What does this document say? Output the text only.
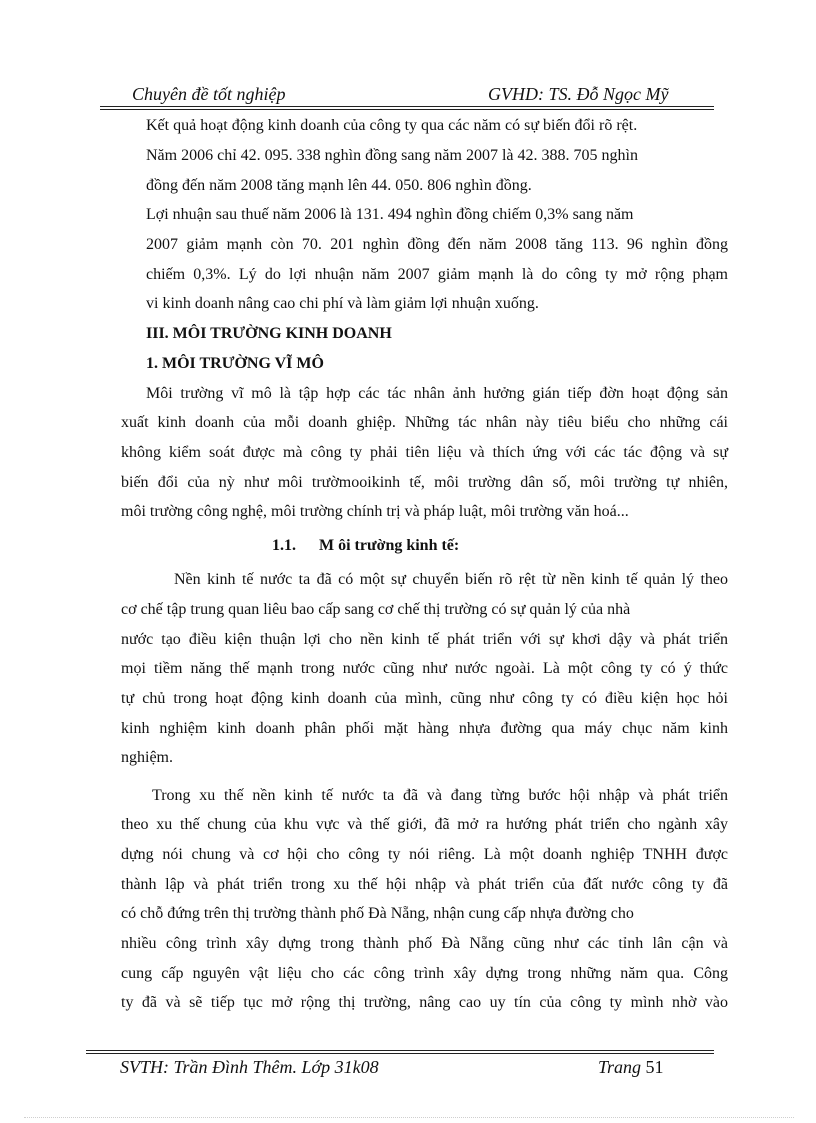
Chuyên đề tốt nghiệp	GVHD: TS. Đỗ Ngọc Mỹ
Kết quả hoạt động kinh doanh của công ty qua các năm có sự biến đổi rõ rệt.
Năm 2006 chỉ 42. 095. 338 nghìn đồng sang năm 2007 là 42. 388. 705 nghìn
đồng đến năm 2008 tăng mạnh lên 44. 050. 806 nghìn đồng.
Lợi nhuận sau thuế năm 2006 là 131. 494 nghìn đồng chiếm 0,3% sang năm
2007 giảm mạnh còn 70. 201 nghìn đồng đến năm 2008 tăng 113. 96 nghìn đồng
chiếm 0,3%. Lý do lợi nhuận năm 2007 giảm mạnh là do công ty mở rộng phạm
vi kinh doanh nâng cao chi phí và làm giảm lợi nhuận xuống.
III. MÔI TRƯỜNG KINH DOANH
1. MÔI TRƯỜNG VĨ MÔ
Môi trường vĩ mô là tập hợp các tác nhân ảnh hưởng gián tiếp đờn hoạt động sản
xuất kinh doanh của mỗi doanh ghiệp. Những tác nhân này tiêu biểu cho những cái
không kiểm soát được mà công ty phải tiên liệu và thích ứng với các tác động và sự
biến đổi của nỳ như môi trườmooikinh tế, môi trường dân số, môi trường tự nhiên,
môi trường công nghệ, môi trường chính trị và pháp luật, môi trường văn hoá...
1.1. M ôi trường kinh tế:
Nền kinh tế nước ta đã có một sự chuyển biến rõ rệt từ nền kinh tế quản lý theo
cơ chế tập trung quan liêu bao cấp sang cơ chế thị trường có sự quản lý của nhà
nước tạo điều kiện thuận lợi cho nền kinh tế phát triển với sự khơi dậy và phát triển
mọi tiềm năng thế mạnh trong nước cũng như nước ngoài. Là một công ty có ý thức
tự chủ trong hoạt động kinh doanh của mình, cũng như công ty có điều kiện học hỏi
kinh nghiệm kinh doanh phân phối mặt hàng nhựa đường qua máy chục năm kinh
nghiệm.
Trong xu thế nền kinh tế nước ta đã và đang từng bước hội nhập và phát triển
theo xu thế chung của khu vực và thế giới, đã mở ra hướng phát triển cho ngành xây
dựng nói chung và cơ hội cho công ty nói riêng. Là một doanh nghiệp TNHH được
thành lập và phát triển trong xu thế hội nhập và phát triển của đất nước công ty đã
có chỗ đứng trên thị trường thành phố Đà Nẵng, nhận cung cấp nhựa đường cho
nhiều công trình xây dựng trong thành phố Đà Nẵng cũng như các tỉnh lân cận và
cung cấp nguyên vật liệu cho các công trình xây dựng trong những năm qua. Công
ty đã và sẽ tiếp tục mở rộng thị trường, nâng cao uy tín của công ty mình nhờ vào
SVTH: Trần Đình Thêm. Lớp 31k08	Trang 51
